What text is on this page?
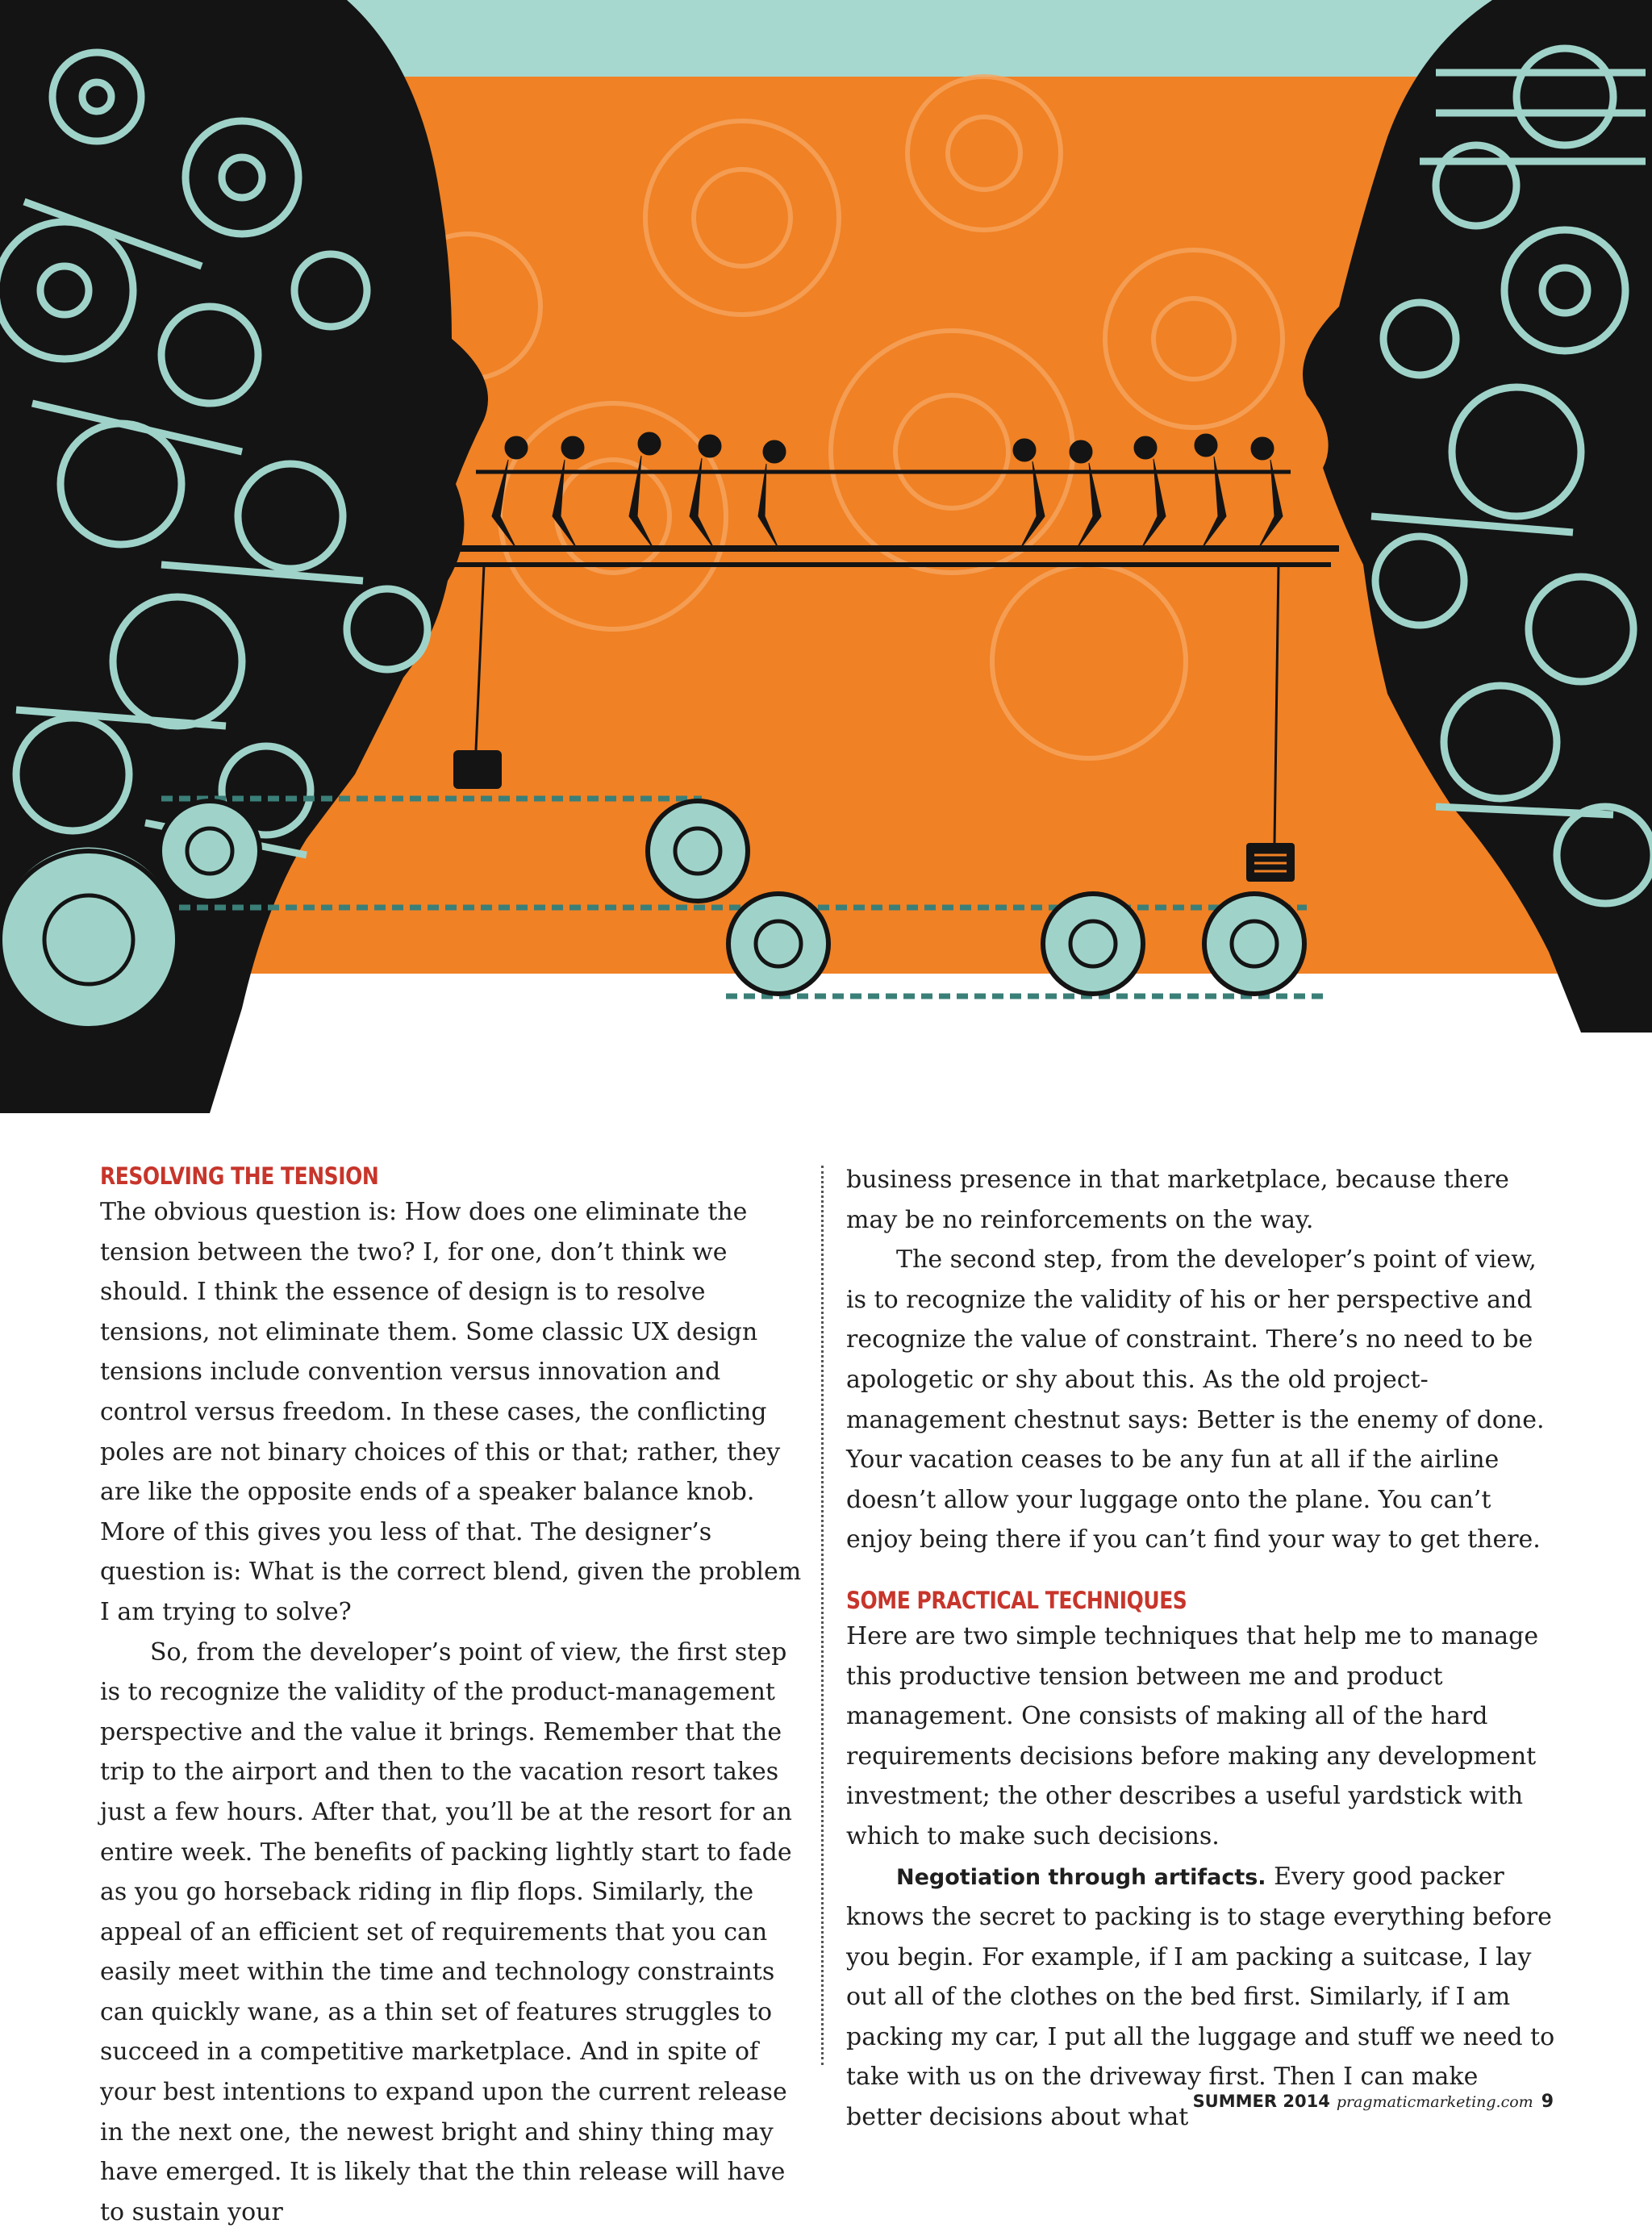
RESOLVING THE TENSION

The obvious question is: How does one eliminate the tension between the two? I, for one, don’t think we should. I think the essence of design is to resolve tensions, not eliminate them. Some classic UX design tensions include convention versus innovation and control versus freedom. In these cases, the conflicting poles are not binary choices of this or that; rather, they are like the opposite ends of a speaker balance knob. More of this gives you less of that. The designer’s question is: What is the correct blend, given the problem I am trying to solve?

So, from the developer’s point of view, the first step is to recognize the validity of the product-management perspective and the value it brings. Remember that the trip to the airport and then to the vacation resort takes just a few hours. After that, you’ll be at the resort for an entire week. The benefits of packing lightly start to fade as you go horseback riding in flip flops. Similarly, the appeal of an efficient set of requirements that you can easily meet within the time and technology constraints can quickly wane, as a thin set of features struggles to succeed in a competitive marketplace. And in spite of your best intentions to expand upon the current release in the next one, the newest bright and shiny thing may have emerged. It is likely that the thin release will have to sustain your

business presence in that marketplace, because there may be no reinforcements on the way.

The second step, from the developer’s point of view, is to recognize the validity of his or her perspective and recognize the value of constraint. There’s no need to be apologetic or shy about this. As the old project-management chestnut says: Better is the enemy of done. Your vacation ceases to be any fun at all if the airline doesn’t allow your luggage onto the plane. You can’t enjoy being there if you can’t find your way to get there.

SOME PRACTICAL TECHNIQUES

Here are two simple techniques that help me to manage this productive tension between me and product management. One consists of making all of the hard requirements decisions before making any development investment; the other describes a useful yardstick with which to make such decisions.

Negotiation through artifacts. Every good packer knows the secret to packing is to stage everything before you begin. For example, if I am packing a suitcase, I lay out all of the clothes on the bed first. Similarly, if I am packing my car, I put all the luggage and stuff we need to take with us on the driveway first. Then I can make better decisions about what

SUMMER 2014 pragmaticmarketing.com 9
